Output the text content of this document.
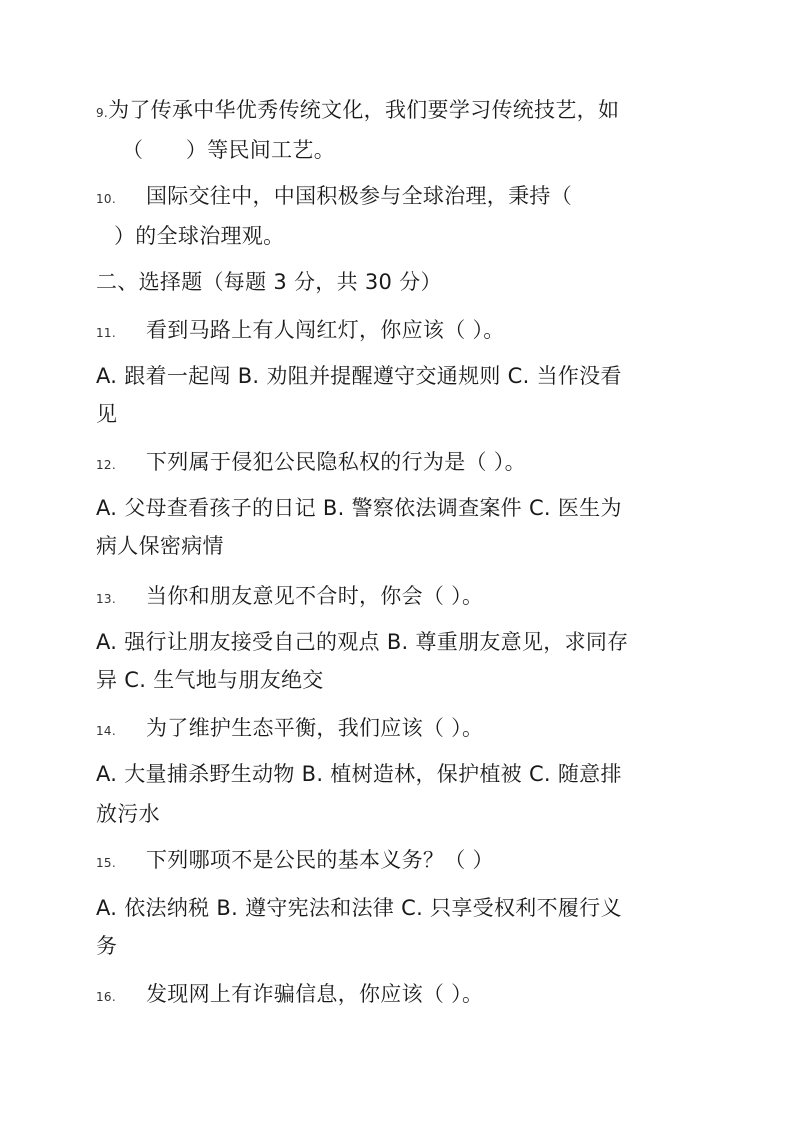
9.为了传承中华优秀传统文化，我们要学习传统技艺，如
（　　）等民间工艺。
10. 国际交往中，中国积极参与全球治理，秉持（
）的全球治理观。
二、选择题（每题 3 分，共 30 分）
11. 看到马路上有人闯红灯，你应该（ ）。
A. 跟着一起闯 B. 劝阻并提醒遵守交通规则 C. 当作没看
见
12. 下列属于侵犯公民隐私权的行为是（ ）。
A. 父母查看孩子的日记 B. 警察依法调查案件 C. 医生为
病人保密病情
13. 当你和朋友意见不合时，你会（ ）。
A. 强行让朋友接受自己的观点 B. 尊重朋友意见，求同存
异 C. 生气地与朋友绝交
14. 为了维护生态平衡，我们应该（ ）。
A. 大量捕杀野生动物 B. 植树造林，保护植被 C. 随意排
放污水
15. 下列哪项不是公民的基本义务？（ ）
A. 依法纳税 B. 遵守宪法和法律 C. 只享受权利不履行义
务
16. 发现网上有诈骗信息，你应该（ ）。
